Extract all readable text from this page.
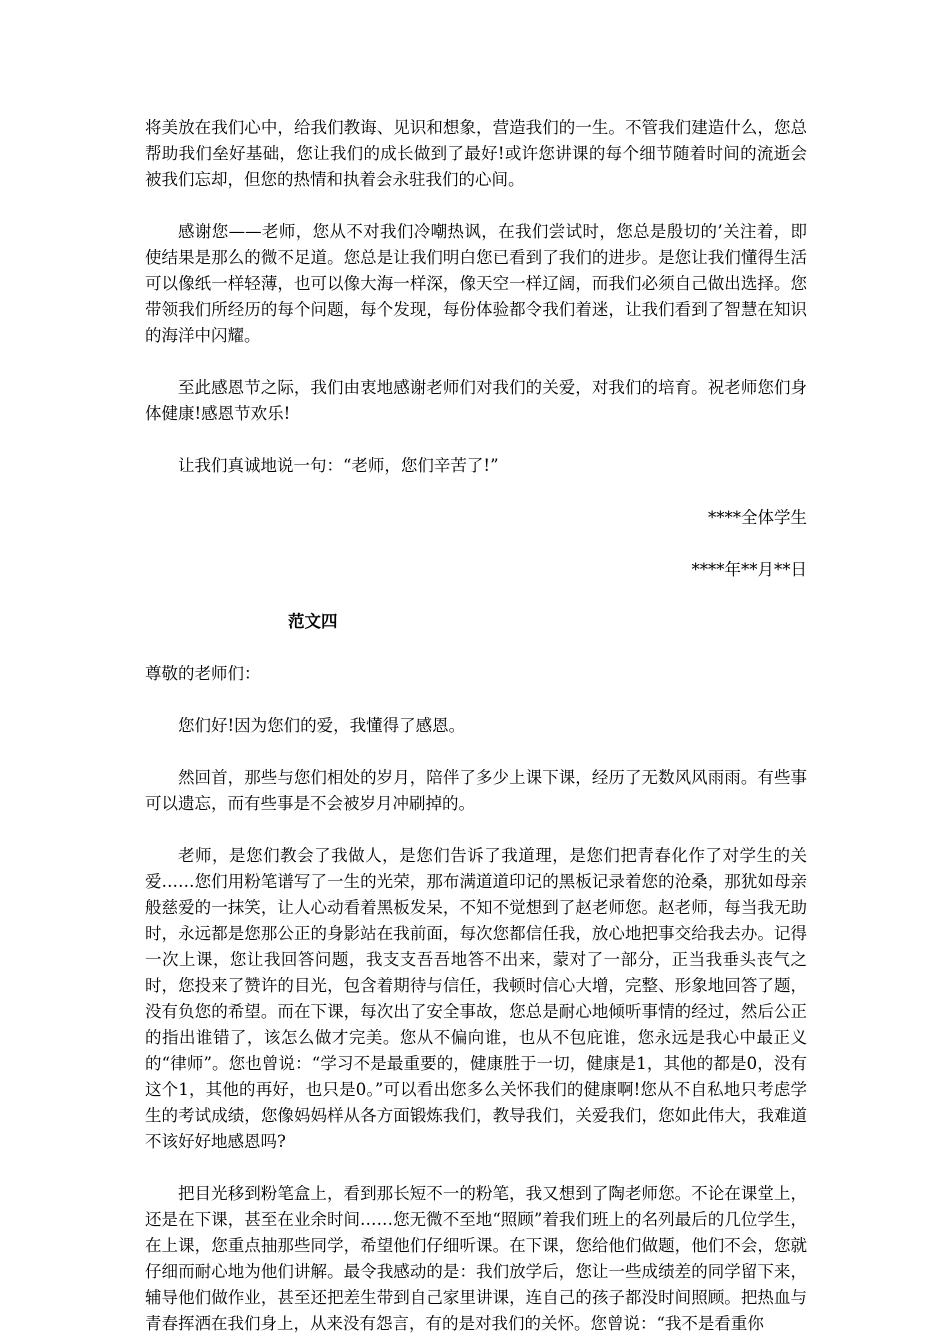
将美放在我们心中，给我们教诲、见识和想象，营造我们的一生。不管我们建造什么，您总帮助我们垒好基础，您让我们的成长做到了最好!或许您讲课的每个细节随着时间的流逝会被我们忘却，但您的热情和执着会永驻我们的心间。

感谢您——老师，您从不对我们冷嘲热讽，在我们尝试时，您总是殷切的’关注着，即使结果是那么的微不足道。您总是让我们明白您已看到了我们的进步。是您让我们懂得生活可以像纸一样轻薄，也可以像大海一样深，像天空一样辽阔，而我们必须自己做出选择。您带领我们所经历的每个问题，每个发现，每份体验都令我们着迷，让我们看到了智慧在知识的海洋中闪耀。

至此感恩节之际，我们由衷地感谢老师们对我们的关爱，对我们的培育。祝老师您们身体健康!感恩节欢乐!

让我们真诚地说一句：“老师，您们辛苦了!”

****全体学生

****年**月**日

范文四

尊敬的老师们：

您们好!因为您们的爱，我懂得了感恩。

然回首，那些与您们相处的岁月，陪伴了多少上课下课，经历了无数风风雨雨。有些事可以遗忘，而有些事是不会被岁月冲刷掉的。

老师，是您们教会了我做人，是您们告诉了我道理，是您们把青春化作了对学生的关爱……您们用粉笔谱写了一生的光荣，那布满道道印记的黑板记录着您的沧桑，那犹如母亲般慈爱的一抹笑，让人心动看着黑板发呆，不知不觉想到了赵老师您。赵老师，每当我无助时，永远都是您那公正的身影站在我前面，每次您都信任我，放心地把事交给我去办。记得一次上课，您让我回答问题，我支支吾吾地答不出来，蒙对了一部分，正当我垂头丧气之时，您投来了赞许的目光，包含着期待与信任，我顿时信心大增，完整、形象地回答了题，没有负您的希望。而在下课，每次出了安全事故，您总是耐心地倾听事情的经过，然后公正的指出谁错了，该怎么做才完美。您从不偏向谁，也从不包庇谁，您永远是我心中最正义的“律师”。您也曾说：“学习不是最重要的，健康胜于一切，健康是1，其他的都是0，没有这个1，其他的再好，也只是0。”可以看出您多么关怀我们的健康啊!您从不自私地只考虑学生的考试成绩，您像妈妈样从各方面锻炼我们，教导我们，关爱我们，您如此伟大，我难道不该好好地感恩吗?

把目光移到粉笔盒上，看到那长短不一的粉笔，我又想到了陶老师您。不论在课堂上，还是在下课，甚至在业余时间……您无微不至地“照顾”着我们班上的名列最后的几位学生，在上课，您重点抽那些同学，希望他们仔细听课。在下课，您给他们做题，他们不会，您就仔细而耐心地为他们讲解。最令我感动的是：我们放学后，您让一些成绩差的同学留下来，辅导他们做作业，甚至还把差生带到自己家里讲课，连自己的孩子都没时间照顾。把热血与青春挥洒在我们身上，从来没有怨言，有的是对我们的关怀。您曾说：“我不是看重你
